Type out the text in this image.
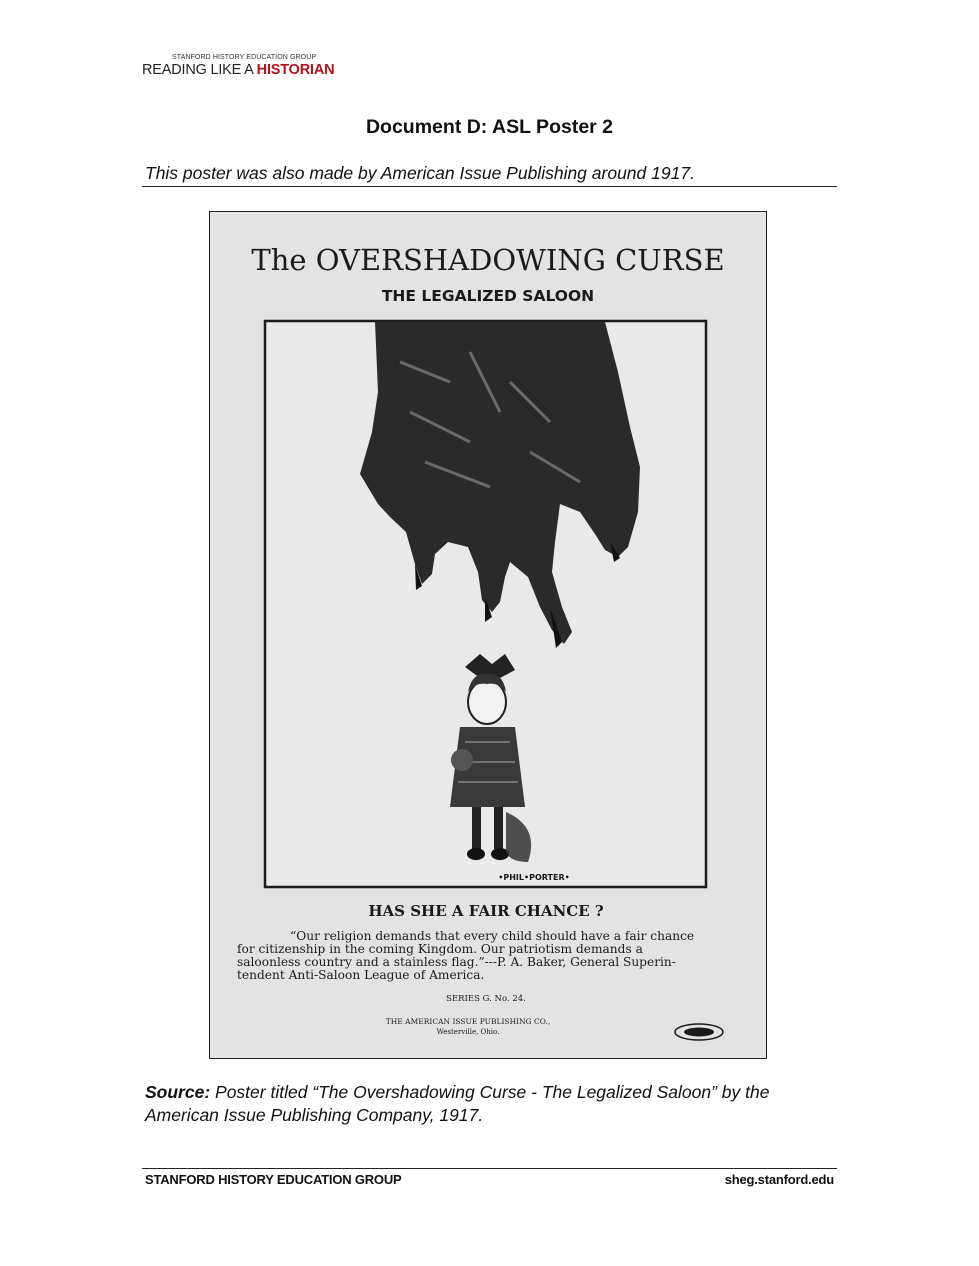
STANFORD HISTORY EDUCATION GROUP
READING LIKE A HISTORIAN
Document D: ASL Poster 2
This poster was also made by American Issue Publishing around 1917.
The OVERSHADOWING CURSE
THE LEGALIZED SALOON
•PHIL•PORTER•
HAS SHE A FAIR CHANCE ?
“Our religion demands that every child should have a fair chance
for citizenship in the coming Kingdom. Our patriotism demands a
saloonless country and a stainless flag.”---P. A. Baker, General Superin-
tendent Anti-Saloon League of America.
SERIES G. No. 24.
THE AMERICAN ISSUE PUBLISHING CO.,
Westerville, Ohio.
Source: Poster titled “The Overshadowing Curse - The Legalized Saloon” by the American Issue Publishing Company, 1917.
STANFORD HISTORY EDUCATION GROUP	sheg.stanford.edu
